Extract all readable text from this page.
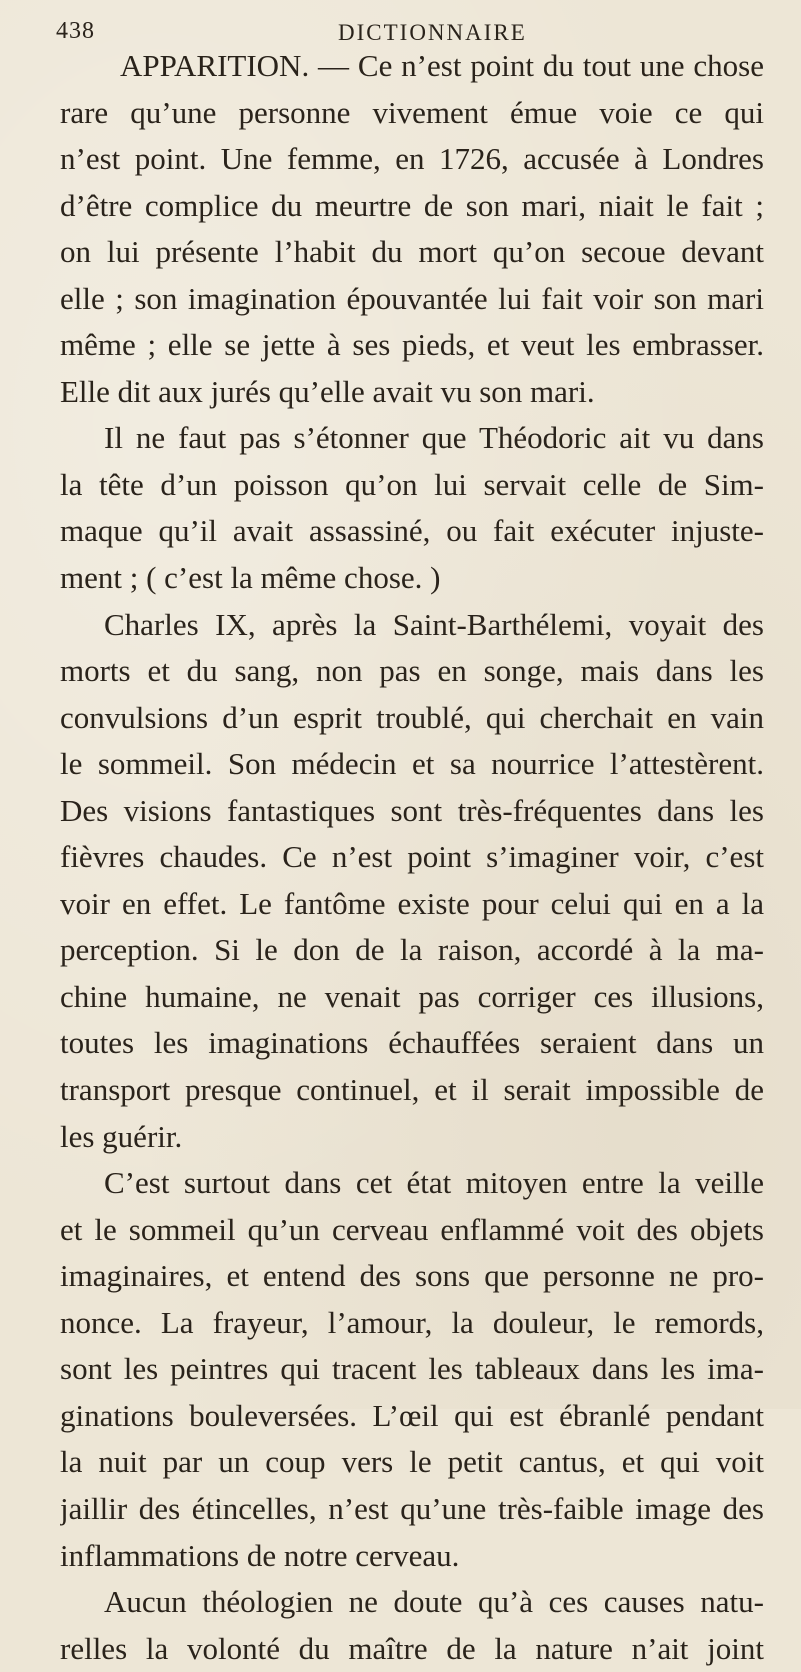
438	DICTIONNAIRE
APPARITION. — Ce n’est point du tout une chose
rare qu’une personne vivement émue voie ce qui
n’est point. Une femme, en 1726, accusée à Londres
d’être complice du meurtre de son mari, niait le fait ;
on lui présente l’habit du mort qu’on secoue devant
elle ; son imagination épouvantée lui fait voir son mari
même ; elle se jette à ses pieds, et veut les embrasser.
Elle dit aux jurés qu’elle avait vu son mari.
Il ne faut pas s’étonner que Théodoric ait vu dans
la tête d’un poisson qu’on lui servait celle de Sim-
maque qu’il avait assassiné, ou fait exécuter injuste-
ment ; ( c’est la même chose. )
Charles IX, après la Saint-Barthélemi, voyait des
morts et du sang, non pas en songe, mais dans les
convulsions d’un esprit troublé, qui cherchait en vain
le sommeil. Son médecin et sa nourrice l’attestèrent.
Des visions fantastiques sont très-fréquentes dans les
fièvres chaudes. Ce n’est point s’imaginer voir, c’est
voir en effet. Le fantôme existe pour celui qui en a la
perception. Si le don de la raison, accordé à la ma-
chine humaine, ne venait pas corriger ces illusions,
toutes les imaginations échauffées seraient dans un
transport presque continuel, et il serait impossible de
les guérir.
C’est surtout dans cet état mitoyen entre la veille
et le sommeil qu’un cerveau enflammé voit des objets
imaginaires, et entend des sons que personne ne pro-
nonce. La frayeur, l’amour, la douleur, le remords,
sont les peintres qui tracent les tableaux dans les ima-
ginations bouleversées. L’œil qui est ébranlé pendant
la nuit par un coup vers le petit cantus, et qui voit
jaillir des étincelles, n’est qu’une très-faible image des
inflammations de notre cerveau.
Aucun théologien ne doute qu’à ces causes natu-
relles la volonté du maître de la nature n’ait joint
